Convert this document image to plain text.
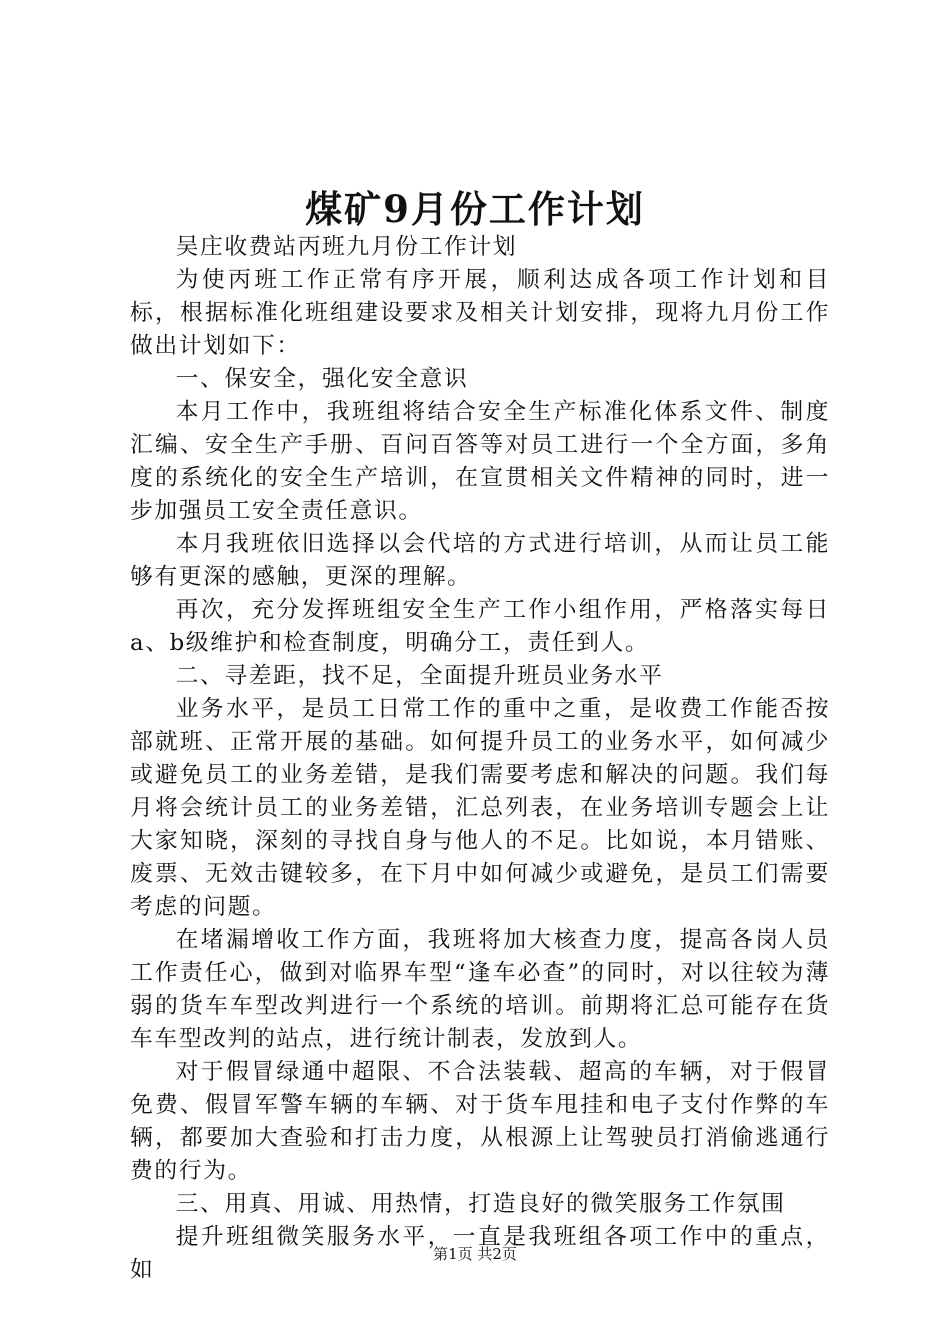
煤矿9月份工作计划

吴庄收费站丙班九月份工作计划

为使丙班工作正常有序开展，顺利达成各项工作计划和目标，根据标准化班组建设要求及相关计划安排，现将九月份工作做出计划如下：

一、保安全，强化安全意识

本月工作中，我班组将结合安全生产标准化体系文件、制度汇编、安全生产手册、百问百答等对员工进行一个全方面，多角度的系统化的安全生产培训，在宣贯相关文件精神的同时，进一步加强员工安全责任意识。

本月我班依旧选择以会代培的方式进行培训，从而让员工能够有更深的感触，更深的理解。

再次，充分发挥班组安全生产工作小组作用，严格落实每日a、b级维护和检查制度，明确分工，责任到人。

二、寻差距，找不足，全面提升班员业务水平

业务水平，是员工日常工作的重中之重，是收费工作能否按部就班、正常开展的基础。如何提升员工的业务水平，如何减少或避免员工的业务差错，是我们需要考虑和解决的问题。我们每月将会统计员工的业务差错，汇总列表，在业务培训专题会上让大家知晓，深刻的寻找自身与他人的不足。比如说，本月错账、废票、无效击键较多，在下月中如何减少或避免，是员工们需要考虑的问题。

在堵漏增收工作方面，我班将加大核查力度，提高各岗人员工作责任心，做到对临界车型“逢车必查”的同时，对以往较为薄弱的货车车型改判进行一个系统的培训。前期将汇总可能存在货车车型改判的站点，进行统计制表，发放到人。

对于假冒绿通中超限、不合法装载、超高的车辆，对于假冒免费、假冒军警车辆的车辆、对于货车甩挂和电子支付作弊的车辆，都要加大查验和打击力度，从根源上让驾驶员打消偷逃通行费的行为。

三、用真、用诚、用热情，打造良好的微笑服务工作氛围

提升班组微笑服务水平，一直是我班组各项工作中的重点，如

第1页 共2页
